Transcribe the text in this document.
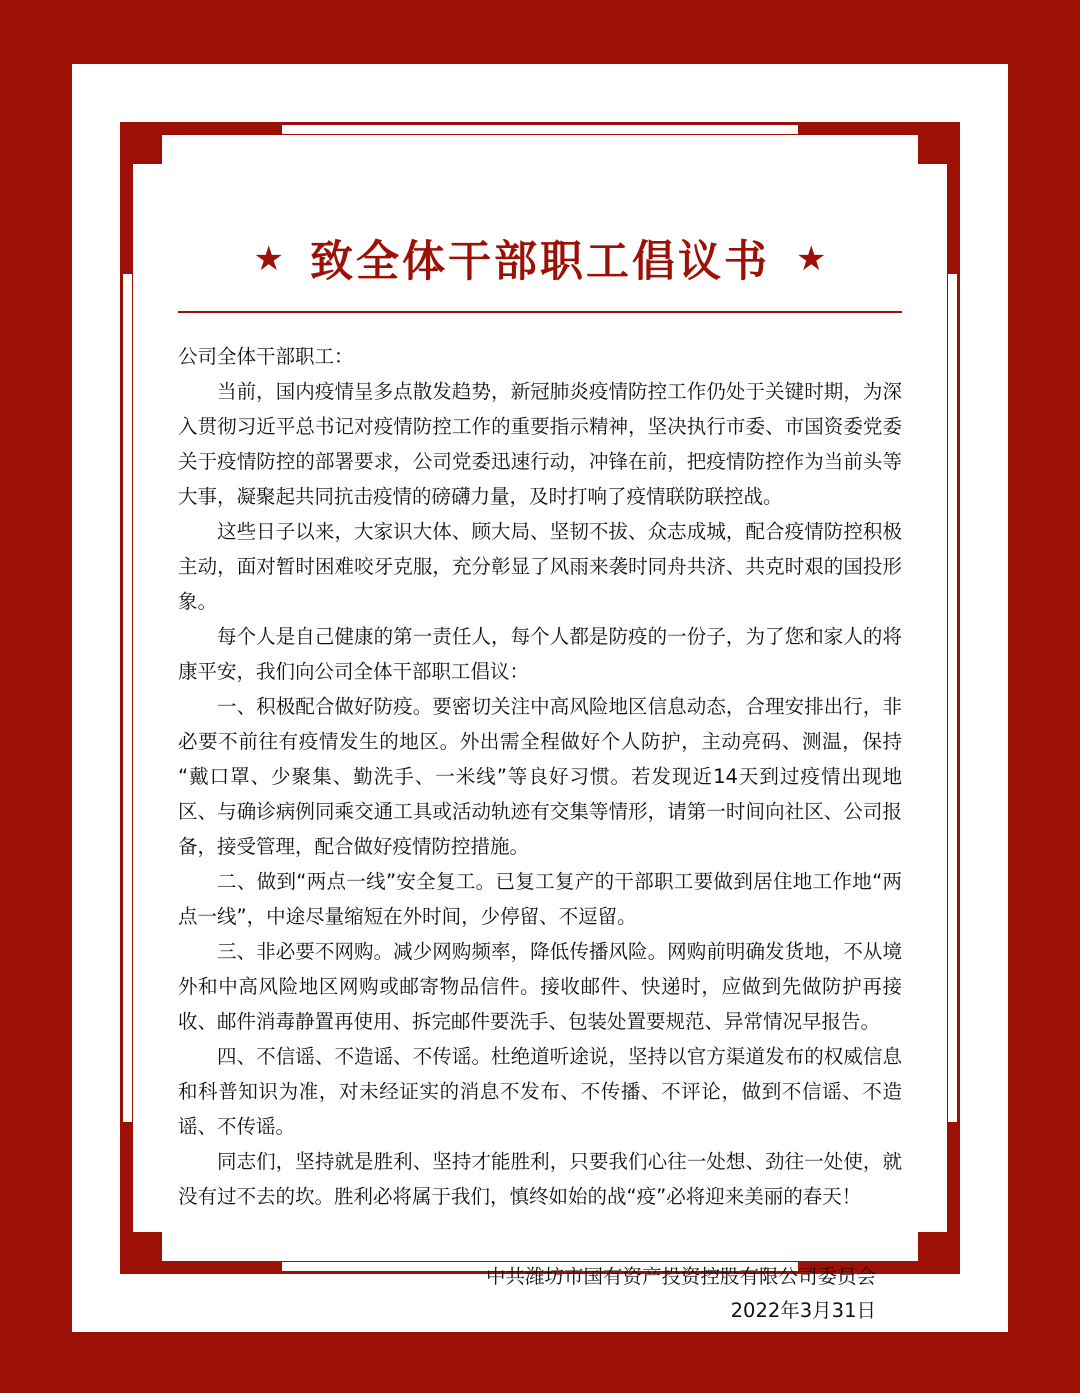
★ 致全体干部职工倡议书 ★

公司全体干部职工：

当前，国内疫情呈多点散发趋势，新冠肺炎疫情防控工作仍处于关键时期，为深入贯彻习近平总书记对疫情防控工作的重要指示精神，坚决执行市委、市国资委党委关于疫情防控的部署要求，公司党委迅速行动，冲锋在前，把疫情防控作为当前头等大事，凝聚起共同抗击疫情的磅礴力量，及时打响了疫情联防联控战。

这些日子以来，大家识大体、顾大局、坚韧不拔、众志成城，配合疫情防控积极主动，面对暂时困难咬牙克服，充分彰显了风雨来袭时同舟共济、共克时艰的国投形象。

每个人是自己健康的第一责任人，每个人都是防疫的一份子，为了您和家人的将康平安，我们向公司全体干部职工倡议：

一、积极配合做好防疫。要密切关注中高风险地区信息动态，合理安排出行，非必要不前往有疫情发生的地区。外出需全程做好个人防护，主动亮码、测温，保持“戴口罩、少聚集、勤洗手、一米线”等良好习惯。若发现近14天到过疫情出现地区、与确诊病例同乘交通工具或活动轨迹有交集等情形，请第一时间向社区、公司报备，接受管理，配合做好疫情防控措施。

二、做到“两点一线”安全复工。已复工复产的干部职工要做到居住地工作地“两点一线”，中途尽量缩短在外时间，少停留、不逗留。

三、非必要不网购。减少网购频率，降低传播风险。网购前明确发货地，不从境外和中高风险地区网购或邮寄物品信件。接收邮件、快递时，应做到先做防护再接收、邮件消毒静置再使用、拆完邮件要洗手、包装处置要规范、异常情况早报告。

四、不信谣、不造谣、不传谣。杜绝道听途说，坚持以官方渠道发布的权威信息和科普知识为准，对未经证实的消息不发布、不传播、不评论，做到不信谣、不造谣、不传谣。

同志们，坚持就是胜利、坚持才能胜利，只要我们心往一处想、劲往一处使，就没有过不去的坎。胜利必将属于我们，慎终如始的战“疫”必将迎来美丽的春天！

中共潍坊市国有资产投资控股有限公司委员会
2022年3月31日
